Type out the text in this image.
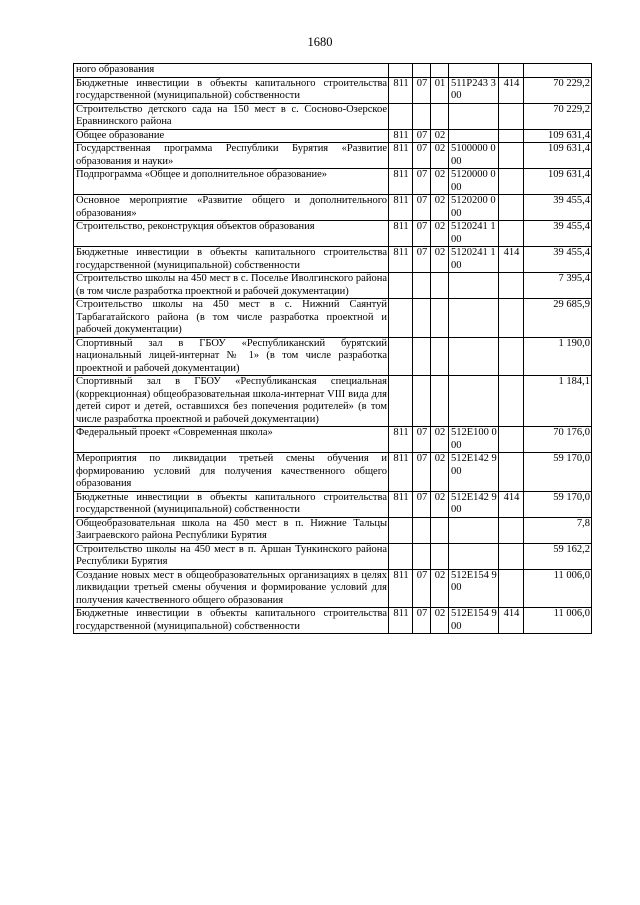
1680
ного образования						
Бюджетные инвестиции в объекты капитального строительства государственной (муниципальной) собственности	811	07	01	511Р243 300	414	70 229,2
Строительство детского сада на 150 мест в с. Сосново-Озерское Еравнинского района						70 229,2
Общее образование	811	07	02			109 631,4
Государственная программа Республики Бурятия «Развитие образования и науки»	811	07	02	5100000 000		109 631,4
Подпрограмма «Общее и дополнительное образование»	811	07	02	5120000 000		109 631,4
Основное мероприятие «Развитие общего и дополнительного образования»	811	07	02	5120200 000		39 455,4
Строительство, реконструкция объектов образования	811	07	02	5120241 100		39 455,4
Бюджетные инвестиции в объекты капитального строительства государственной (муниципальной) собственности	811	07	02	5120241 100	414	39 455,4
Строительство школы на 450 мест в с. Поселье Иволгинского района (в том числе разработка проектной и рабочей документации)						7 395,4
Строительство школы на 450 мест в с. Нижний Саянтуй Тарбагатайского района (в том числе разработка проектной и рабочей документации)						29 685,9
Спортивный зал в ГБОУ «Республиканский бурятский национальный лицей-интернат № 1» (в том числе разработка проектной и рабочей документации)						1 190,0
Спортивный зал в ГБОУ «Республиканская специальная (коррекционная) общеобразовательная школа-интернат VIII вида для детей сирот и детей, оставшихся без попечения родителей» (в том числе разработка проектной и рабочей документации)						1 184,1
Федеральный проект «Современная школа»	811	07	02	512Е100 000		70 176,0
Мероприятия по ликвидации третьей смены обучения и формированию условий для получения качественного общего образования	811	07	02	512Е142 900		59 170,0
Бюджетные инвестиции в объекты капитального строительства государственной (муниципальной) собственности	811	07	02	512Е142 900	414	59 170,0
Общеобразовательная школа на 450 мест в п. Нижние Тальцы Заиграевского района Республики Бурятия						7,8
Строительство школы на 450 мест в п. Аршан Тункинского района Республики Бурятия						59 162,2
Создание новых мест в общеобразовательных организациях в целях ликвидации третьей смены обучения и формирование условий для получения качественного общего образования	811	07	02	512Е154 900		11 006,0
Бюджетные инвестиции в объекты капитального строительства государственной (муниципальной) собственности	811	07	02	512Е154 900	414	11 006,0
